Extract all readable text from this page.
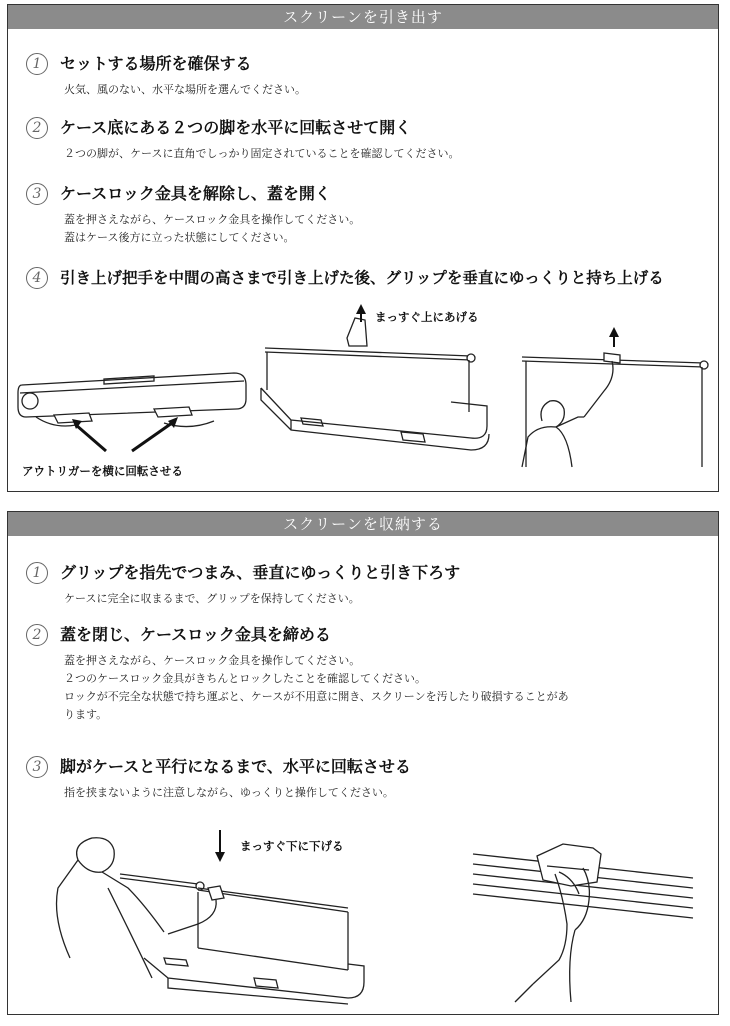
スクリーンを引き出す
1	セットする場所を確保する

火気、風のない、水平な場所を選んでください。

2	ケース底にある２つの脚を水平に回転させて開く

２つの脚が、ケースに直角でしっかり固定されていることを確認してください。

3	ケースロック金具を解除し、蓋を開く

蓋を押さえながら、ケースロック金具を操作してください。

蓋はケース後方に立った状態にしてください。

4	引き上げ把手を中間の高さまで引き上げた後、グリップを垂直にゆっくりと持ち上げる
アウトリガーを横に回転させる
まっすぐ上にあげる
スクリーンを収納する
1	グリップを指先でつまみ、垂直にゆっくりと引き下ろす

ケースに完全に収まるまで、グリップを保持してください。

2	蓋を閉じ、ケースロック金具を締める

蓋を押さえながら、ケースロック金具を操作してください。

２つのケースロック金具がきちんとロックしたことを確認してください。

ロックが不完全な状態で持ち運ぶと、ケースが不用意に開き、スクリーンを汚したり破損することがあ

ります。

3	脚がケースと平行になるまで、水平に回転させる

指を挟まないように注意しながら、ゆっくりと操作してください。

まっすぐ下に下げる
